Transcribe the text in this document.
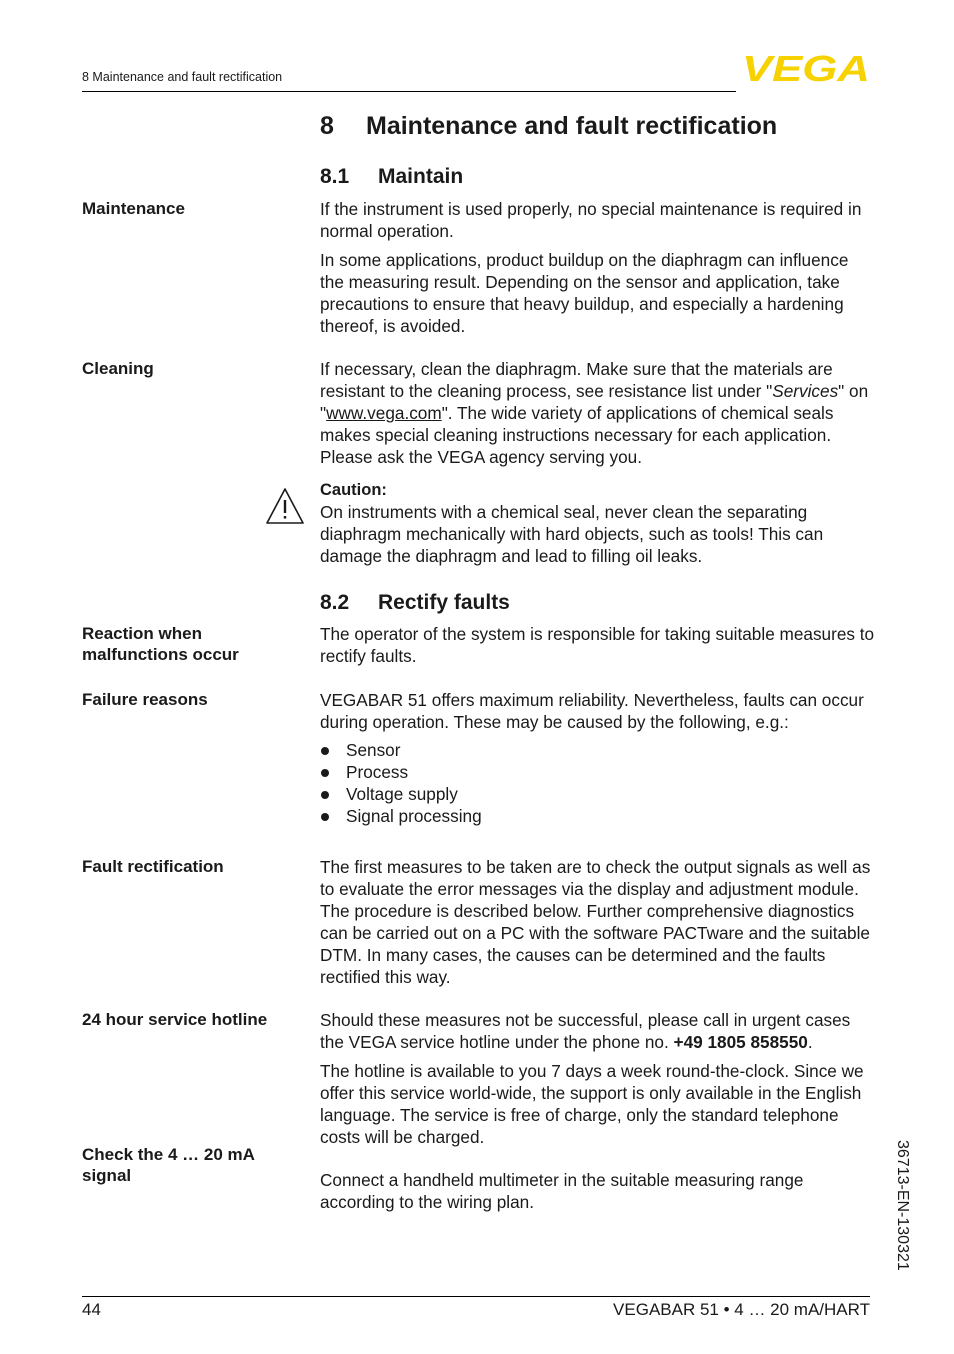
8 Maintenance and fault rectification	VEGA
8 Maintenance and fault rectification
8.1 Maintain
Maintenance	If the instrument is used properly, no special maintenance is required in normal operation.

In some applications, product buildup on the diaphragm can influence the measuring result. Depending on the sensor and application, take precautions to ensure that heavy buildup, and especially a hardening thereof, is avoided.

Cleaning	If necessary, clean the diaphragm. Make sure that the materials are resistant to the cleaning process, see resistance list under "Services" on "www.vega.com". The wide variety of applications of chemical seals makes special cleaning instructions necessary for each application. Please ask the VEGA agency serving you.

Caution:

On instruments with a chemical seal, never clean the separating diaphragm mechanically with hard objects, such as tools! This can damage the diaphragm and lead to filling oil leaks.

8.2 Rectify faults
Reaction when malfunctions occur
The operator of the system is responsible for taking suitable measures to rectify faults.
Failure reasons	VEGABAR 51 offers maximum reliability. Nevertheless, faults can occur during operation. These may be caused by the following, e.g.:
Sensor
Process
Voltage supply
Signal processing
Fault rectification	The first measures to be taken are to check the output signals as well as to evaluate the error messages via the display and adjustment module. The procedure is described below. Further comprehensive diagnostics can be carried out on a PC with the software PACTware and the suitable DTM. In many cases, the causes can be determined and the faults rectified this way.
24 hour service hotline	Should these measures not be successful, please call in urgent cases the VEGA service hotline under the phone no. +49 1805 858550.

The hotline is available to you 7 days a week round-the-clock. Since we offer this service world-wide, the support is only available in the English language. The service is free of charge, only the standard telephone costs will be charged.

Check the 4 … 20 mA signal	Connect a handheld multimeter in the suitable measuring range according to the wiring plan.	36713-EN-130321
44	VEGABAR 51 • 4 … 20 mA/HART
